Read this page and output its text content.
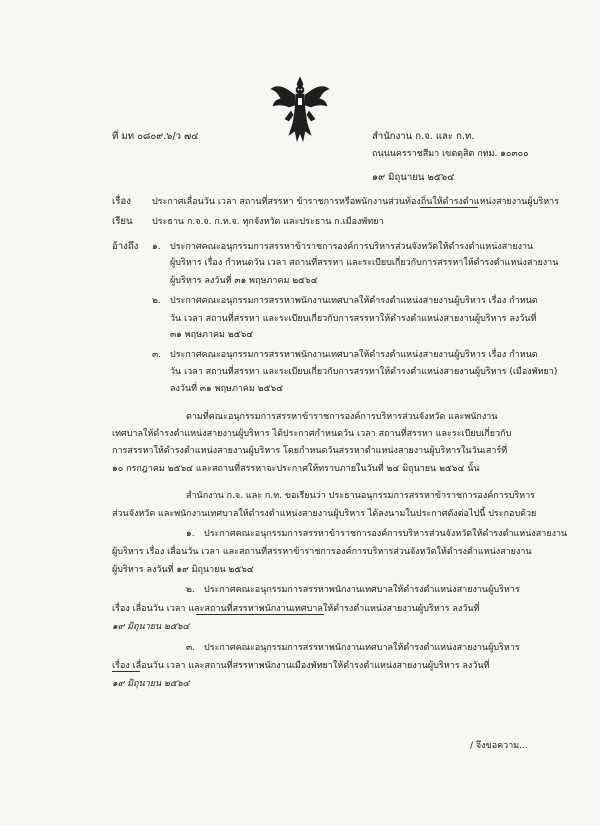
ที่ มท ๐๘๐๙.๖/ว ๗๔	สำนักงาน ก.จ. และ ก.ท.
ถนนนครราชสีมา เขตดุสิต กทม. ๑๐๓๐๐
๑๙ มิถุนายน ๒๕๖๔
เรื่อง ประกาศเลื่อนวัน เวลา สถานที่สรรหา ข้าราชการหรือพนักงานส่วนท้องถิ่นให้ดำรงตำแหน่งสายงานผู้บริหาร
เรียน ประธาน ก.จ.จ. ก.ท.จ. ทุกจังหวัด และประธาน ก.เมืองพัทยา
อ้างถึง ๑. ประกาศคณะอนุกรรมการสรรหาข้าราชการองค์การบริหารส่วนจังหวัดให้ดำรงตำแหน่งสายงาน
ผู้บริหาร เรื่อง กำหนดวัน เวลา สถานที่สรรหา และระเบียบเกี่ยวกับการสรรหาให้ดำรงตำแหน่งสายงาน
ผู้บริหาร ลงวันที่ ๓๑ พฤษภาคม ๒๕๖๔
๒. ประกาศคณะอนุกรรมการสรรหาพนักงานเทศบาลให้ดำรงตำแหน่งสายงานผู้บริหาร เรื่อง กำหนด
วัน เวลา สถานที่สรรหา และระเบียบเกี่ยวกับการสรรหาให้ดำรงตำแหน่งสายงานผู้บริหาร ลงวันที่
๓๑ พฤษภาคม ๒๕๖๔
๓. ประกาศคณะอนุกรรมการสรรหาพนักงานเทศบาลให้ดำรงตำแหน่งสายงานผู้บริหาร เรื่อง กำหนด
วัน เวลา สถานที่สรรหา และระเบียบเกี่ยวกับการสรรหาให้ดำรงตำแหน่งสายงานผู้บริหาร (เมืองพัทยา)
ลงวันที่ ๓๑ พฤษภาคม ๒๕๖๔
ตามที่คณะอนุกรรมการสรรหาข้าราชการองค์การบริหารส่วนจังหวัด และพนักงาน
เทศบาลให้ดำรงตำแหน่งสายงานผู้บริหาร ได้ประกาศกำหนดวัน เวลา สถานที่สรรหา และระเบียบเกี่ยวกับ
การสรรหาให้ดำรงตำแหน่งสายงานผู้บริหาร โดยกำหนดวันสรรหาตำแหน่งสายงานผู้บริหารในวันเสาร์ที่
๑๐ กรกฎาคม ๒๕๖๔ และสถานที่สรรหาจะประกาศให้ทราบภายในวันที่ ๒๔ มิถุนายน ๒๕๖๔ นั้น
สำนักงาน ก.จ. และ ก.ท. ขอเรียนว่า ประธานอนุกรรมการสรรหาข้าราชการองค์การบริหาร
ส่วนจังหวัด และพนักงานเทศบาลให้ดำรงตำแหน่งสายงานผู้บริหาร ได้ลงนามในประกาศดังต่อไปนี้ ประกอบด้วย
๑. ประกาศคณะอนุกรรมการสรรหาข้าราชการองค์การบริหารส่วนจังหวัดให้ดำรงตำแหน่งสายงาน
ผู้บริหาร เรื่อง เลื่อนวัน เวลา และสถานที่สรรหาข้าราชการองค์การบริหารส่วนจังหวัดให้ดำรงตำแหน่งสายงาน
ผู้บริหาร ลงวันที่ ๑๙ มิถุนายน ๒๕๖๔
๒. ประกาศคณะอนุกรรมการสรรหาพนักงานเทศบาลให้ดำรงตำแหน่งสายงานผู้บริหาร
เรื่อง เลื่อนวัน เวลา และสถานที่สรรหาพนักงานเทศบาลให้ดำรงตำแหน่งสายงานผู้บริหาร ลงวันที่
๑๙ มิถุนายน ๒๕๖๔
๓. ประกาศคณะอนุกรรมการสรรหาพนักงานเทศบาลให้ดำรงตำแหน่งสายงานผู้บริหาร
เรื่อง เลื่อนวัน เวลา และสถานที่สรรหาพนักงานเมืองพัทยาให้ดำรงตำแหน่งสายงานผู้บริหาร ลงวันที่
๑๙ มิถุนายน ๒๕๖๔
/ จึงขอความ...
